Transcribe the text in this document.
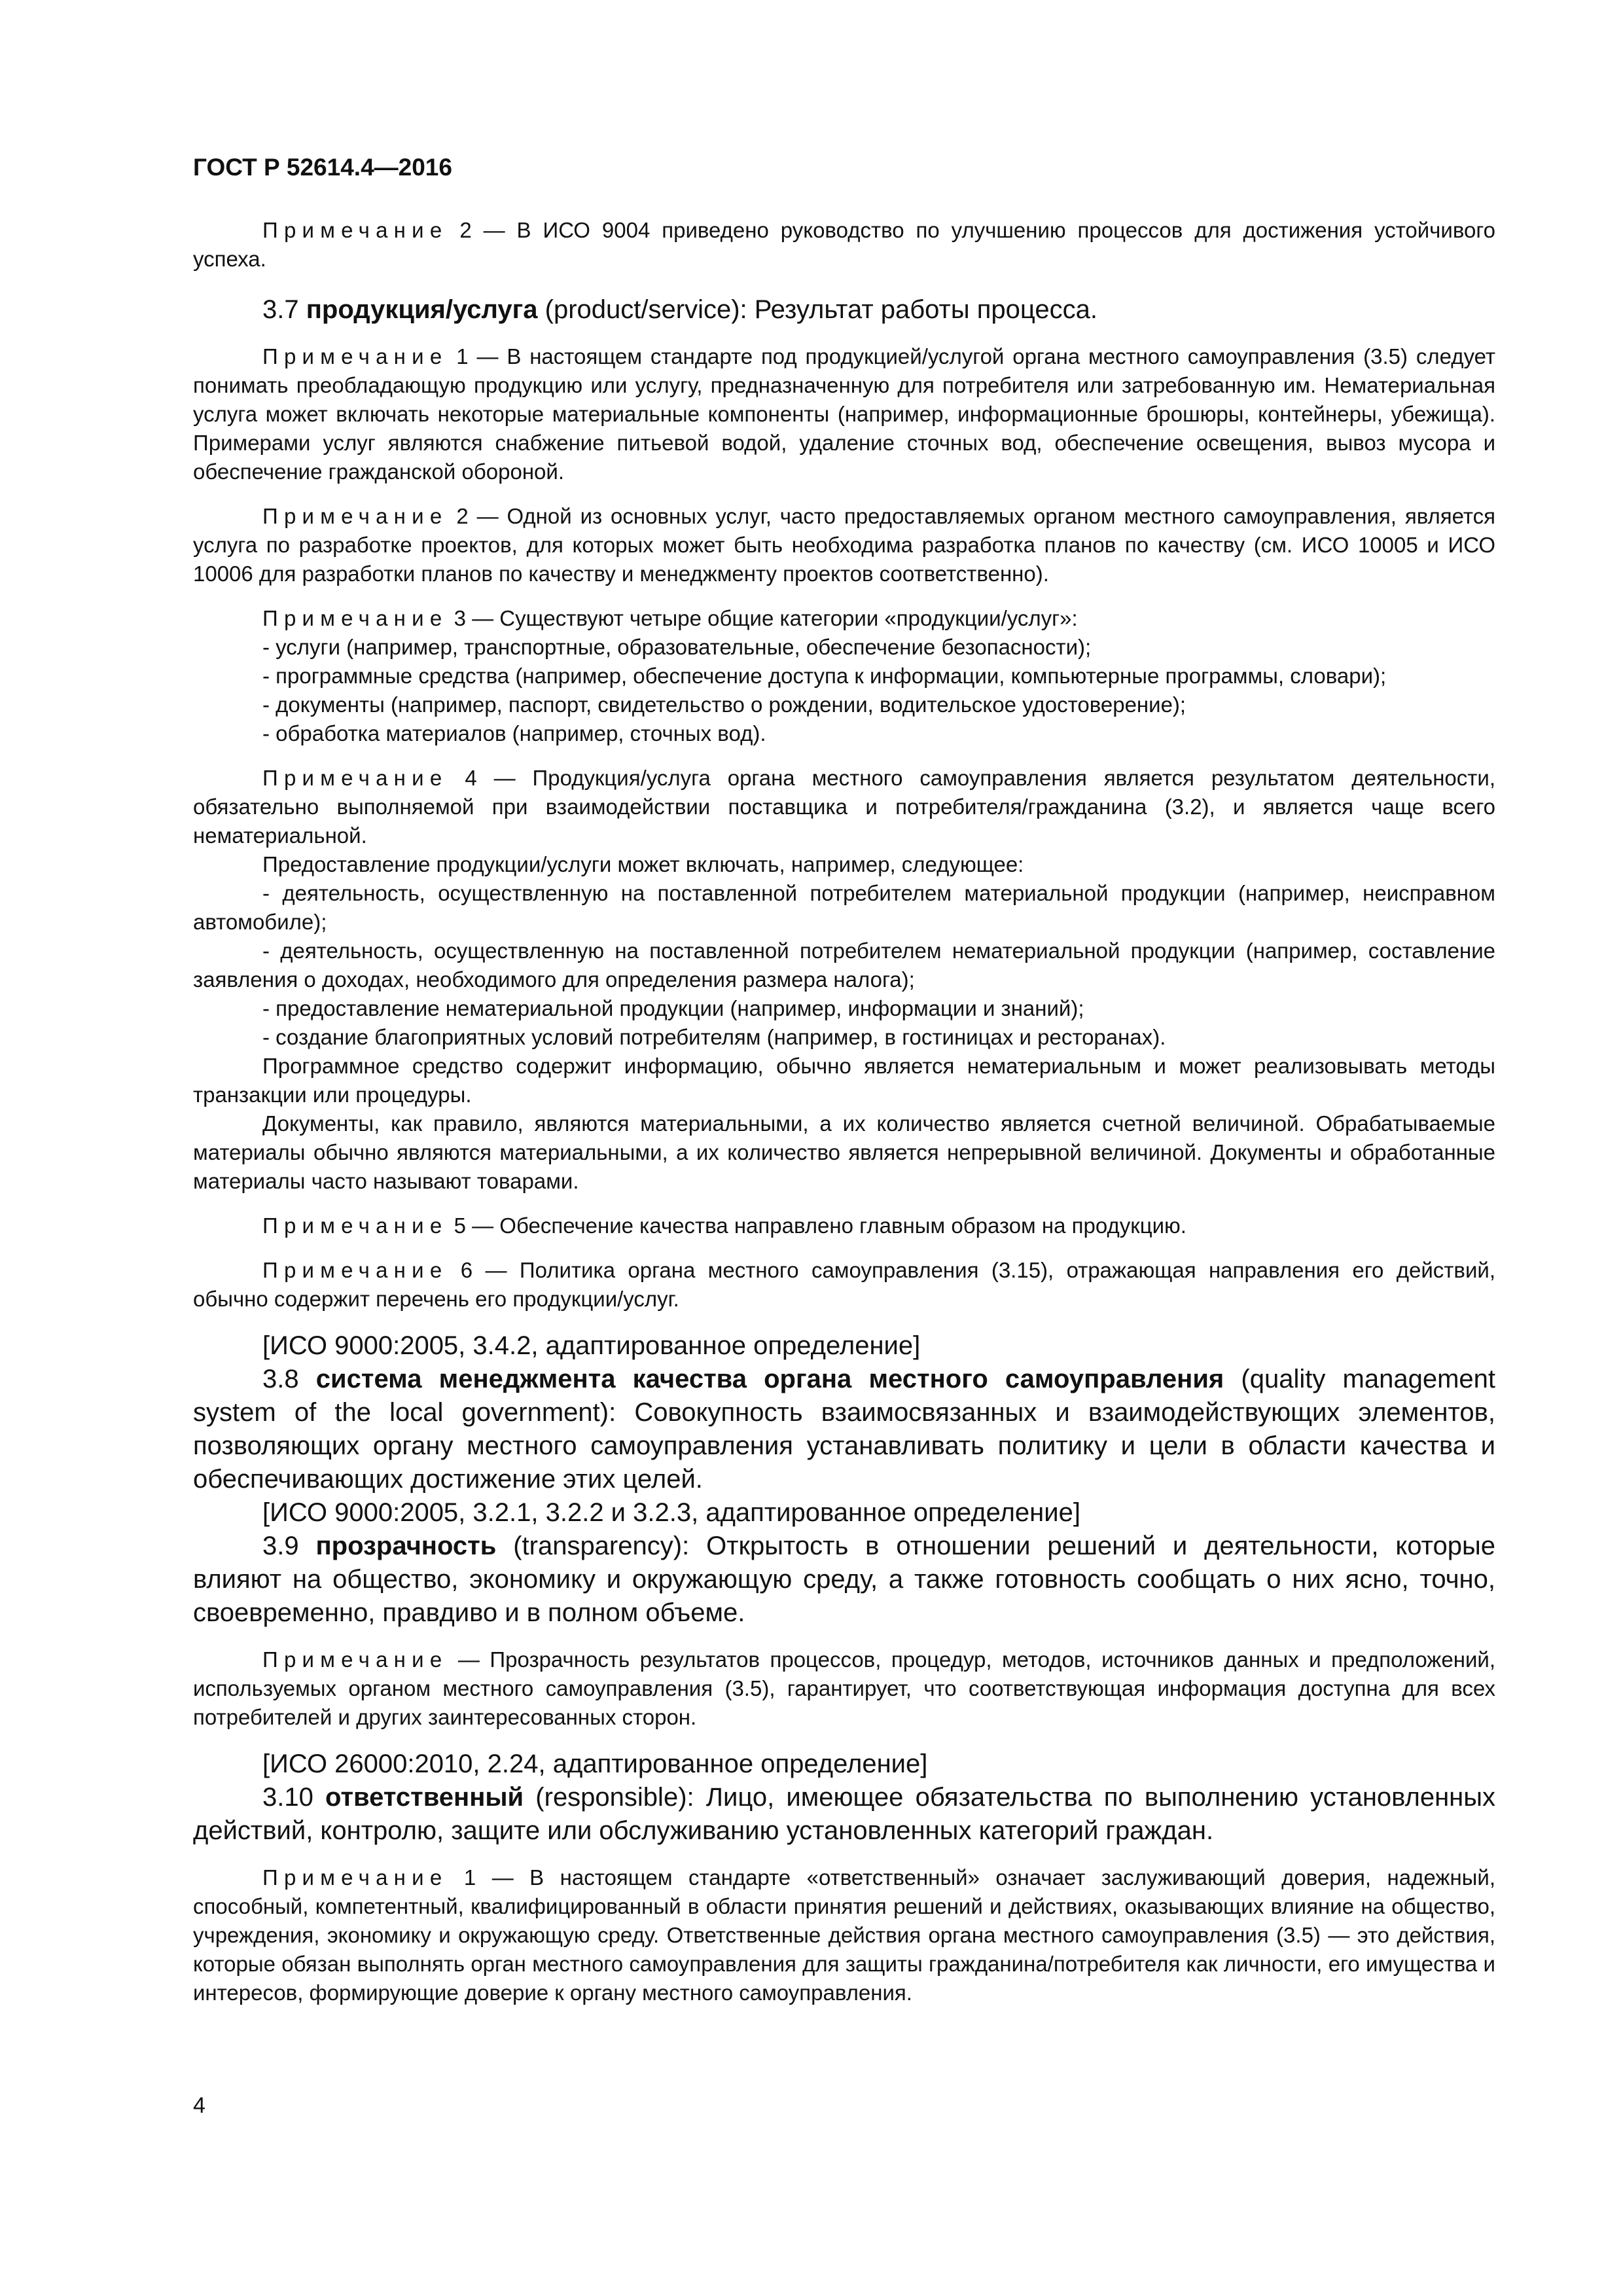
ГОСТ Р 52614.4—2016

Примечание 2 — В ИСО 9004 приведено руководство по улучшению процессов для достижения устойчивого успеха.

3.7 продукция/услуга (product/service): Результат работы процесса.

Примечание 1 — В настоящем стандарте под продукцией/услугой органа местного самоуправления (3.5) следует понимать преобладающую продукцию или услугу, предназначенную для потребителя или затребованную им. Нематериальная услуга может включать некоторые материальные компоненты (например, информационные брошюры, контейнеры, убежища). Примерами услуг являются снабжение питьевой водой, удаление сточных вод, обеспечение освещения, вывоз мусора и обеспечение гражданской обороной.

Примечание 2 — Одной из основных услуг, часто предоставляемых органом местного самоуправления, является услуга по разработке проектов, для которых может быть необходима разработка планов по качеству (см. ИСО 10005 и ИСО 10006 для разработки планов по качеству и менеджменту проектов соответственно).

Примечание 3 — Существуют четыре общие категории «продукции/услуг»:

- услуги (например, транспортные, образовательные, обеспечение безопасности);

- программные средства (например, обеспечение доступа к информации, компьютерные программы, словари);

- документы (например, паспорт, свидетельство о рождении, водительское удостоверение);

- обработка материалов (например, сточных вод).

Примечание 4 — Продукция/услуга органа местного самоуправления является результатом деятельности, обязательно выполняемой при взаимодействии поставщика и потребителя/гражданина (3.2), и является чаще всего нематериальной.

Предоставление продукции/услуги может включать, например, следующее:

- деятельность, осуществленную на поставленной потребителем материальной продукции (например, неисправном автомобиле);

- деятельность, осуществленную на поставленной потребителем нематериальной продукции (например, составление заявления о доходах, необходимого для определения размера налога);

- предоставление нематериальной продукции (например, информации и знаний);

- создание благоприятных условий потребителям (например, в гостиницах и ресторанах).

Программное средство содержит информацию, обычно является нематериальным и может реализовывать методы транзакции или процедуры.

Документы, как правило, являются материальными, а их количество является счетной величиной. Обрабатываемые материалы обычно являются материальными, а их количество является непрерывной величиной. Документы и обработанные материалы часто называют товарами.

Примечание 5 — Обеспечение качества направлено главным образом на продукцию.

Примечание 6 — Политика органа местного самоуправления (3.15), отражающая направления его действий, обычно содержит перечень его продукции/услуг.

[ИСО 9000:2005, 3.4.2, адаптированное определение]

3.8 система менеджмента качества органа местного самоуправления (quality management system of the local government): Совокупность взаимосвязанных и взаимодействующих элементов, позволяющих органу местного самоуправления устанавливать политику и цели в области качества и обеспечивающих достижение этих целей.

[ИСО 9000:2005, 3.2.1, 3.2.2 и 3.2.3, адаптированное определение]

3.9 прозрачность (transparency): Открытость в отношении решений и деятельности, которые влияют на общество, экономику и окружающую среду, а также готовность сообщать о них ясно, точно, своевременно, правдиво и в полном объеме.

Примечание — Прозрачность результатов процессов, процедур, методов, источников данных и предположений, используемых органом местного самоуправления (3.5), гарантирует, что соответствующая информация доступна для всех потребителей и других заинтересованных сторон.

[ИСО 26000:2010, 2.24, адаптированное определение]

3.10 ответственный (responsible): Лицо, имеющее обязательства по выполнению установленных действий, контролю, защите или обслуживанию установленных категорий граждан.

Примечание 1 — В настоящем стандарте «ответственный» означает заслуживающий доверия, надежный, способный, компетентный, квалифицированный в области принятия решений и действиях, оказывающих влияние на общество, учреждения, экономику и окружающую среду. Ответственные действия органа местного самоуправления (3.5) — это действия, которые обязан выполнять орган местного самоуправления для защиты гражданина/потребителя как личности, его имущества и интересов, формирующие доверие к органу местного самоуправления.

4
